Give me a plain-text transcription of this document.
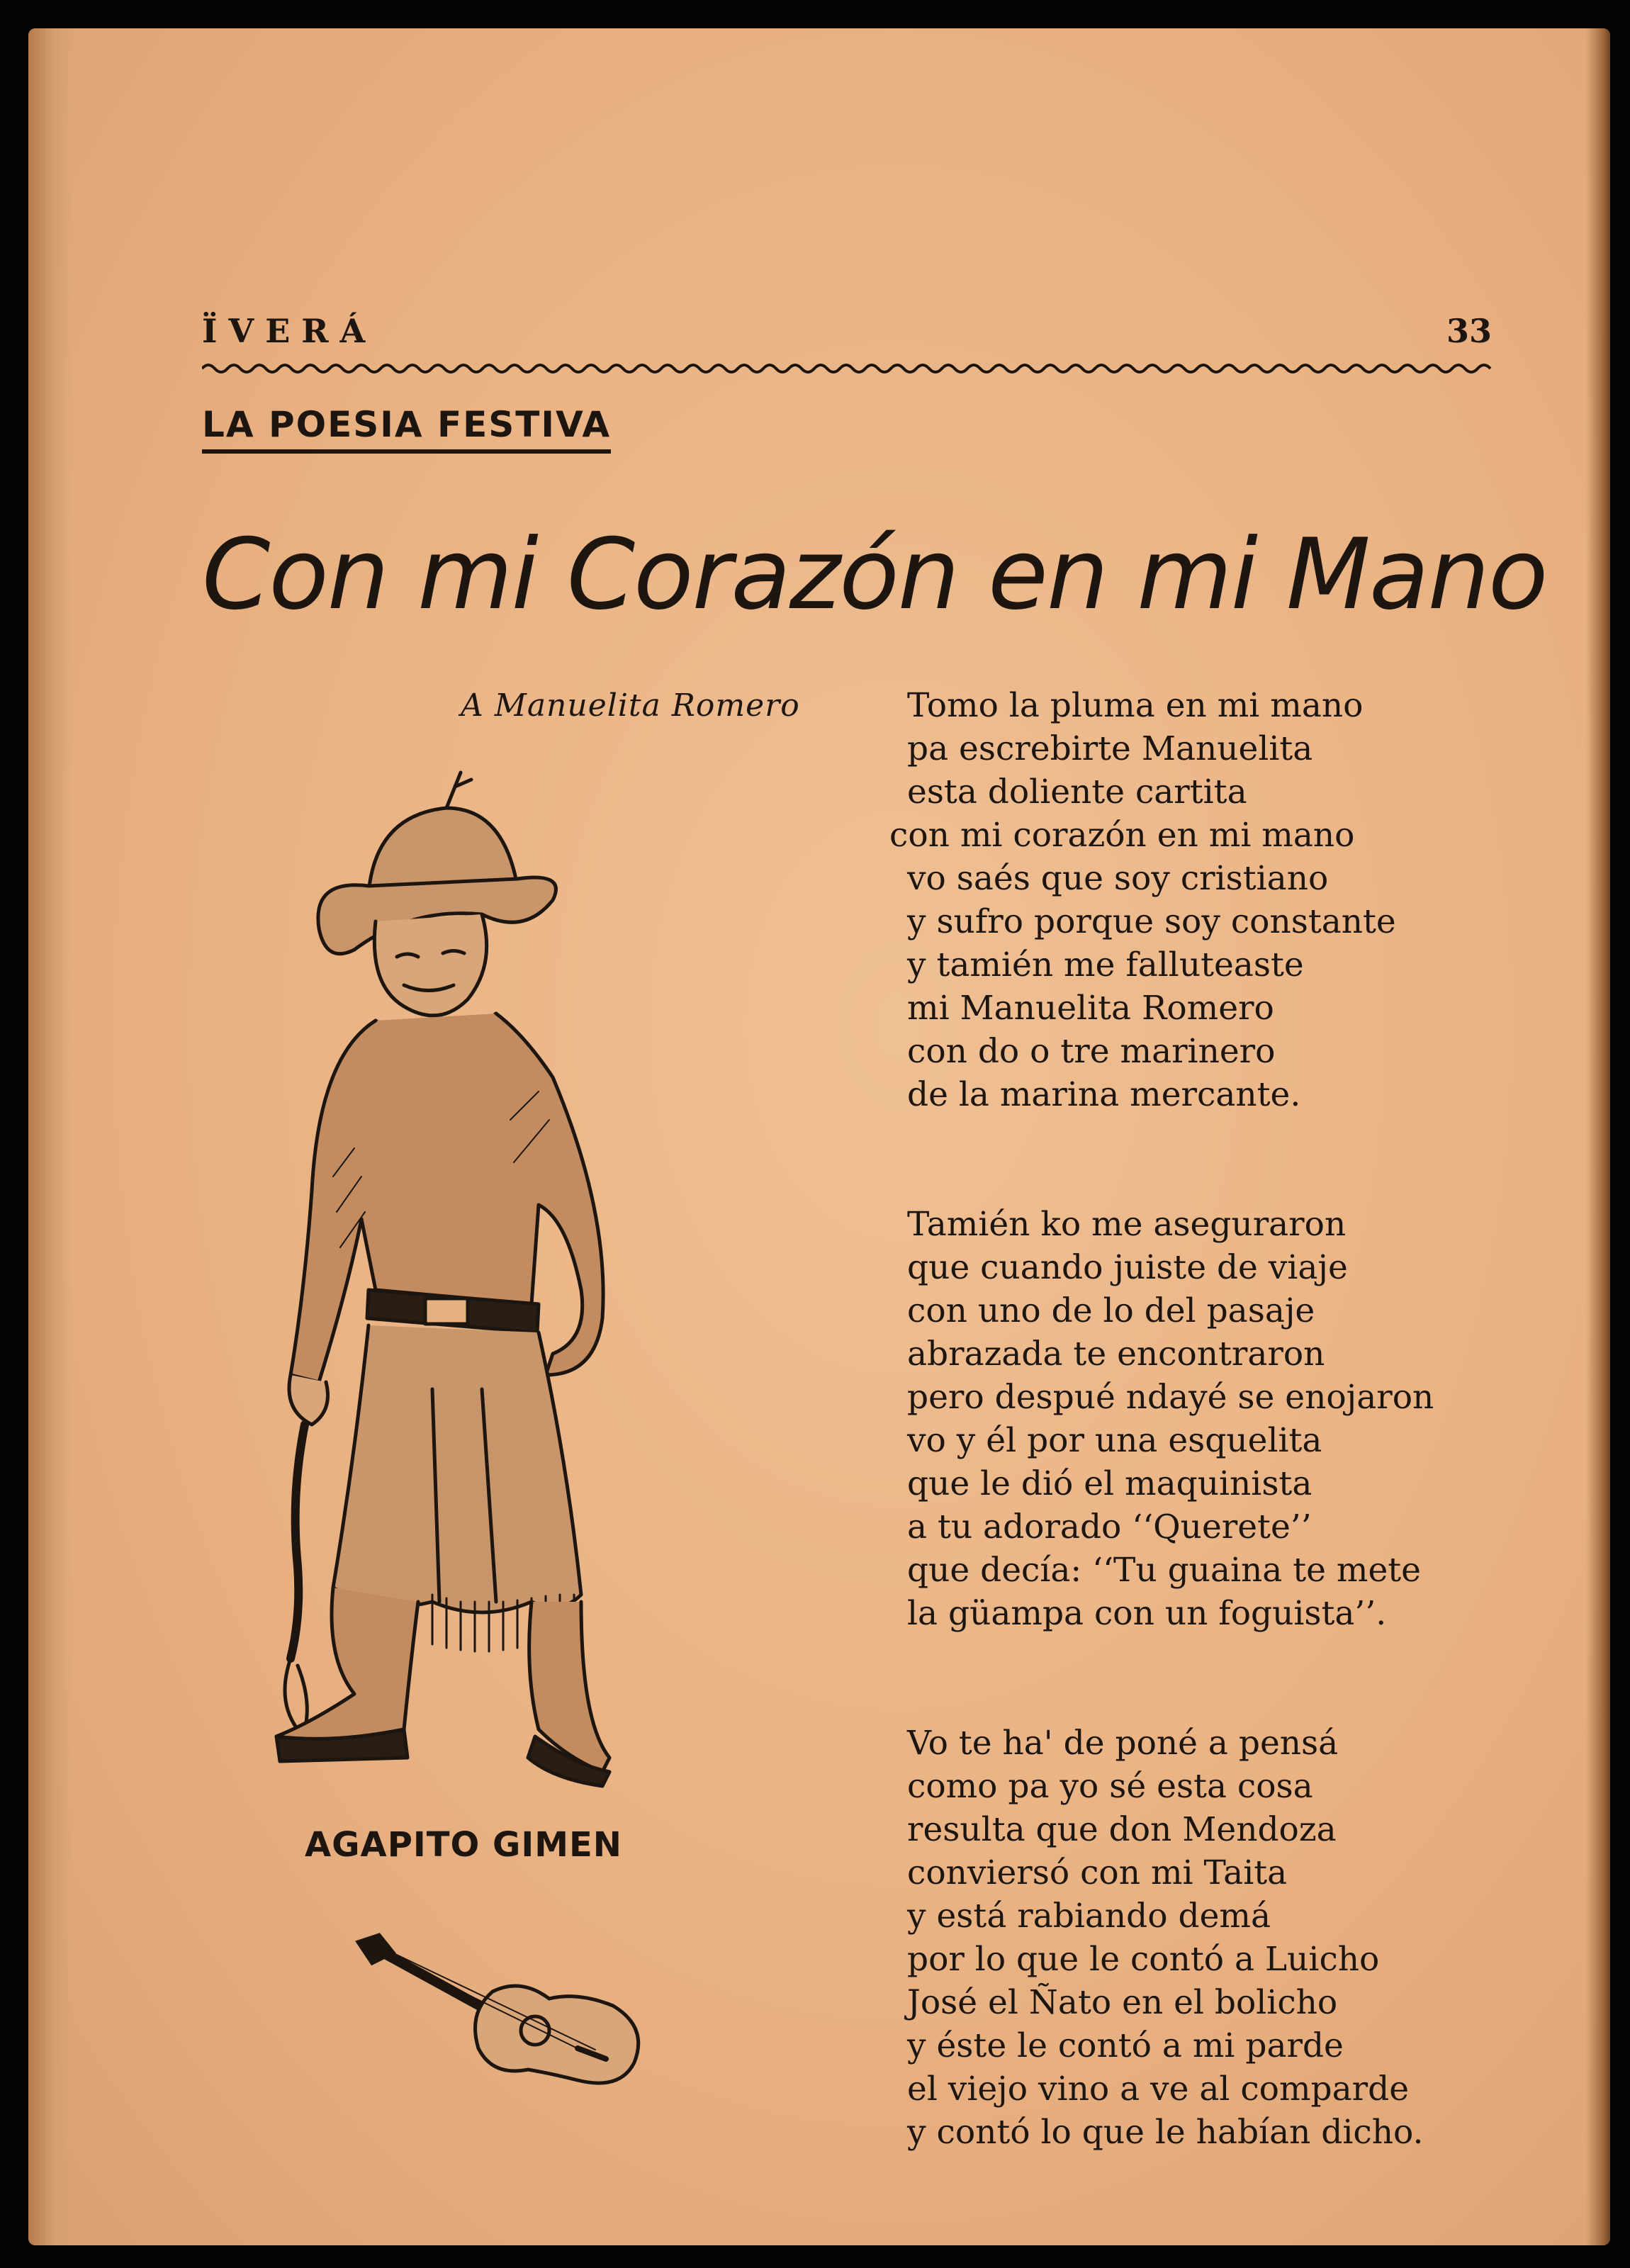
ÏVERÁ	33
LA POESIA FESTIVA
Con mi Corazón en mi Mano
A Manuelita Romero
AGAPITO GIMEN
Tomo la pluma en mi mano
pa escrebirte Manuelita
esta doliente cartita
con mi corazón en mi mano
vo saés que soy cristiano
y sufro porque soy constante
y tamién me falluteaste
mi Manuelita Romero
con do o tre marinero
de la marina mercante.
Tamién ko me aseguraron
que cuando juiste de viaje
con uno de lo del pasaje
abrazada te encontraron
pero despué ndayé se enojaron
vo y él por una esquelita
que le dió el maquinista
a tu adorado ‘‘Querete’’
que decía: ‘‘Tu guaina te mete
la güampa con un foguista’’.
Vo te ha' de poné a pensá
como pa yo sé esta cosa
resulta que don Mendoza
conviersó con mi Taita
y está rabiando demá
por lo que le contó a Luicho
José el Ñato en el bolicho
y éste le contó a mi parde
el viejo vino a ve al comparde
y contó lo que le habían dicho.
